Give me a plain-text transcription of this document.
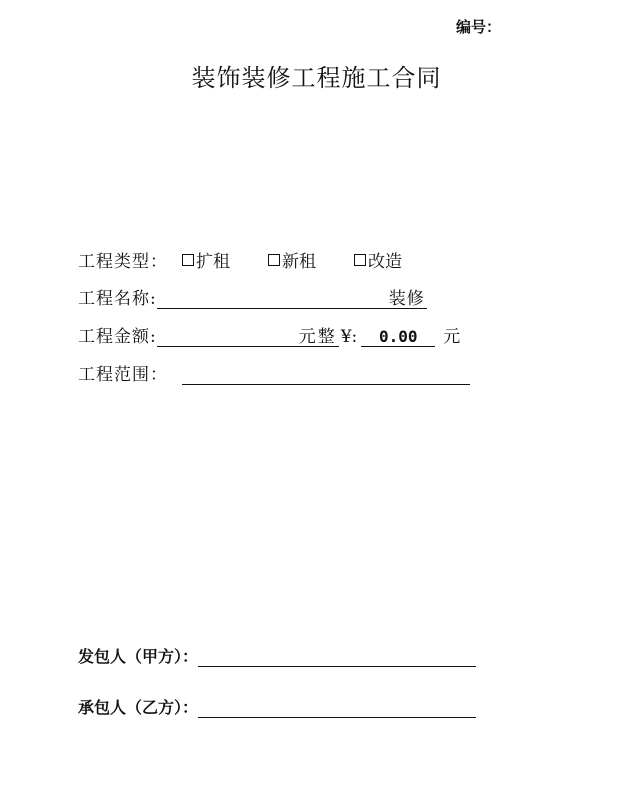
编号：
装饰装修工程施工合同
工程类型： 扩租	新租	改造
工程名称:	装修
工程金额:	元整 ¥:	0.00	元
工程范围：
发包人（甲方）：
承包人（乙方）：
